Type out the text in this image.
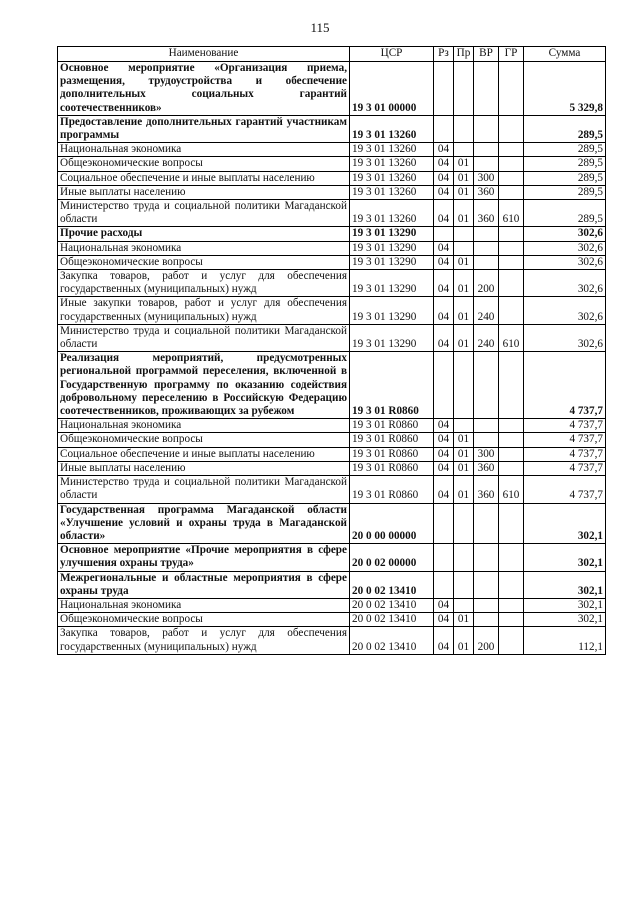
115
Наименование	ЦСР	Рз	Пр	ВР	ГР	Сумма
Основное мероприятие «Организация приема, размещения, трудоустройства и обеспечение дополнительных социальных гарантий соотечественников»	19 3 01 00000					5 329,8
Предоставление дополнительных гарантий участникам программы	19 3 01 13260					289,5
Национальная экономика	19 3 01 13260	04				289,5
Общеэкономические вопросы	19 3 01 13260	04	01			289,5
Социальное обеспечение и иные выплаты населению	19 3 01 13260	04	01	300		289,5
Иные выплаты населению	19 3 01 13260	04	01	360		289,5
Министерство труда и социальной политики Магаданской области	19 3 01 13260	04	01	360	610	289,5
Прочие расходы	19 3 01 13290					302,6
Национальная экономика	19 3 01 13290	04				302,6
Общеэкономические вопросы	19 3 01 13290	04	01			302,6
Закупка товаров, работ и услуг для обеспечения государственных (муниципальных) нужд	19 3 01 13290	04	01	200		302,6
Иные закупки товаров, работ и услуг для обеспечения государственных (муниципальных) нужд	19 3 01 13290	04	01	240		302,6
Министерство труда и социальной политики Магаданской области	19 3 01 13290	04	01	240	610	302,6
Реализация мероприятий, предусмотренных региональной программой переселения, включенной в Государственную программу по оказанию содействия добровольному переселению в Российскую Федерацию соотечественников, проживающих за рубежом	19 3 01 R0860					4 737,7
Национальная экономика	19 3 01 R0860	04				4 737,7
Общеэкономические вопросы	19 3 01 R0860	04	01			4 737,7
Социальное обеспечение и иные выплаты населению	19 3 01 R0860	04	01	300		4 737,7
Иные выплаты населению	19 3 01 R0860	04	01	360		4 737,7
Министерство труда и социальной политики Магаданской области	19 3 01 R0860	04	01	360	610	4 737,7
Государственная программа Магаданской области «Улучшение условий и охраны труда в Магаданской области»	20 0 00 00000					302,1
Основное мероприятие «Прочие мероприятия в сфере улучшения охраны труда»	20 0 02 00000					302,1
Межрегиональные и областные мероприятия в сфере охраны труда	20 0 02 13410					302,1
Национальная экономика	20 0 02 13410	04				302,1
Общеэкономические вопросы	20 0 02 13410	04	01			302,1
Закупка товаров, работ и услуг для обеспечения государственных (муниципальных) нужд	20 0 02 13410	04	01	200		112,1
